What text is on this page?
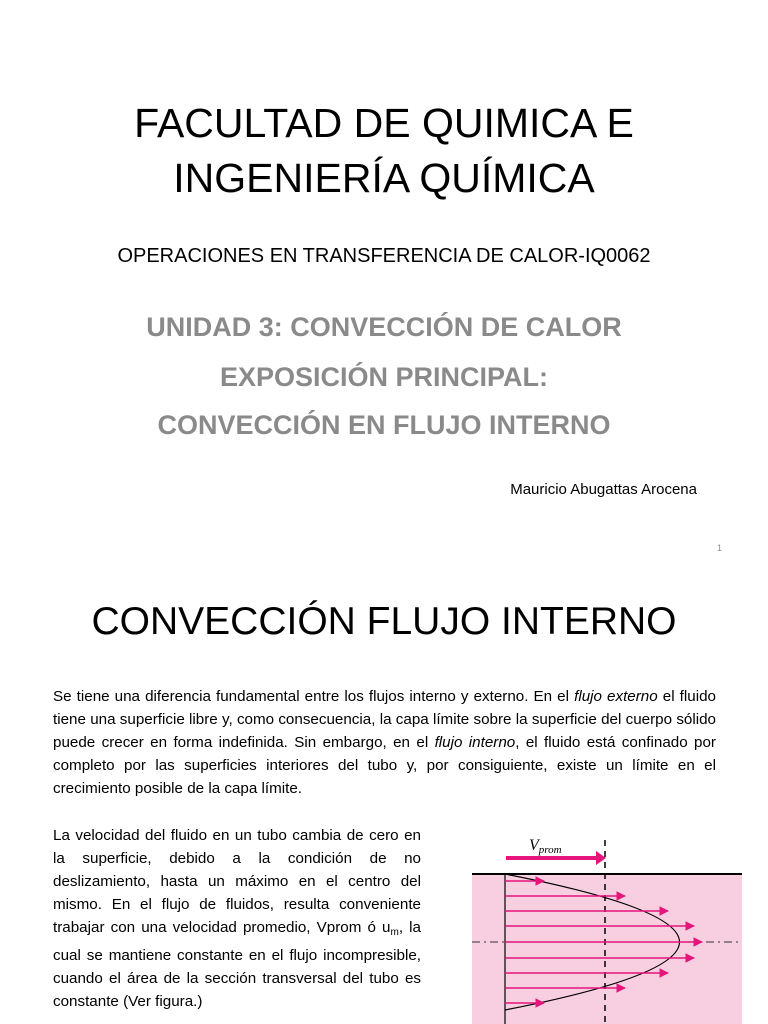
FACULTAD DE QUIMICA E
INGENIERÍA QUÍMICA
OPERACIONES EN TRANSFERENCIA DE CALOR-IQ0062
UNIDAD 3: CONVECCIÓN DE CALOR
EXPOSICIÓN PRINCIPAL:
CONVECCIÓN EN FLUJO INTERNO
Mauricio Abugattas Arocena
1
CONVECCIÓN FLUJO INTERNO

Se tiene una diferencia fundamental entre los flujos interno y externo. En el flujo externo el fluido tiene una superficie libre y, como consecuencia, la capa límite sobre la superficie del cuerpo sólido puede crecer en forma indefinida. Sin embargo, en el flujo interno, el fluido está confinado por completo por las superficies interiores del tubo y, por consiguiente, existe un límite en el crecimiento posible de la capa límite.

La velocidad del fluido en un tubo cambia de cero en la superficie, debido a la condición de no deslizamiento, hasta un máximo en el centro del mismo. En el flujo de fluidos, resulta conveniente trabajar con una velocidad promedio, Vprom ó $u_m$, la cual se mantiene constante en el flujo incompresible, cuando el área de la sección transversal del tubo es constante (Ver figura.)

Vprom
